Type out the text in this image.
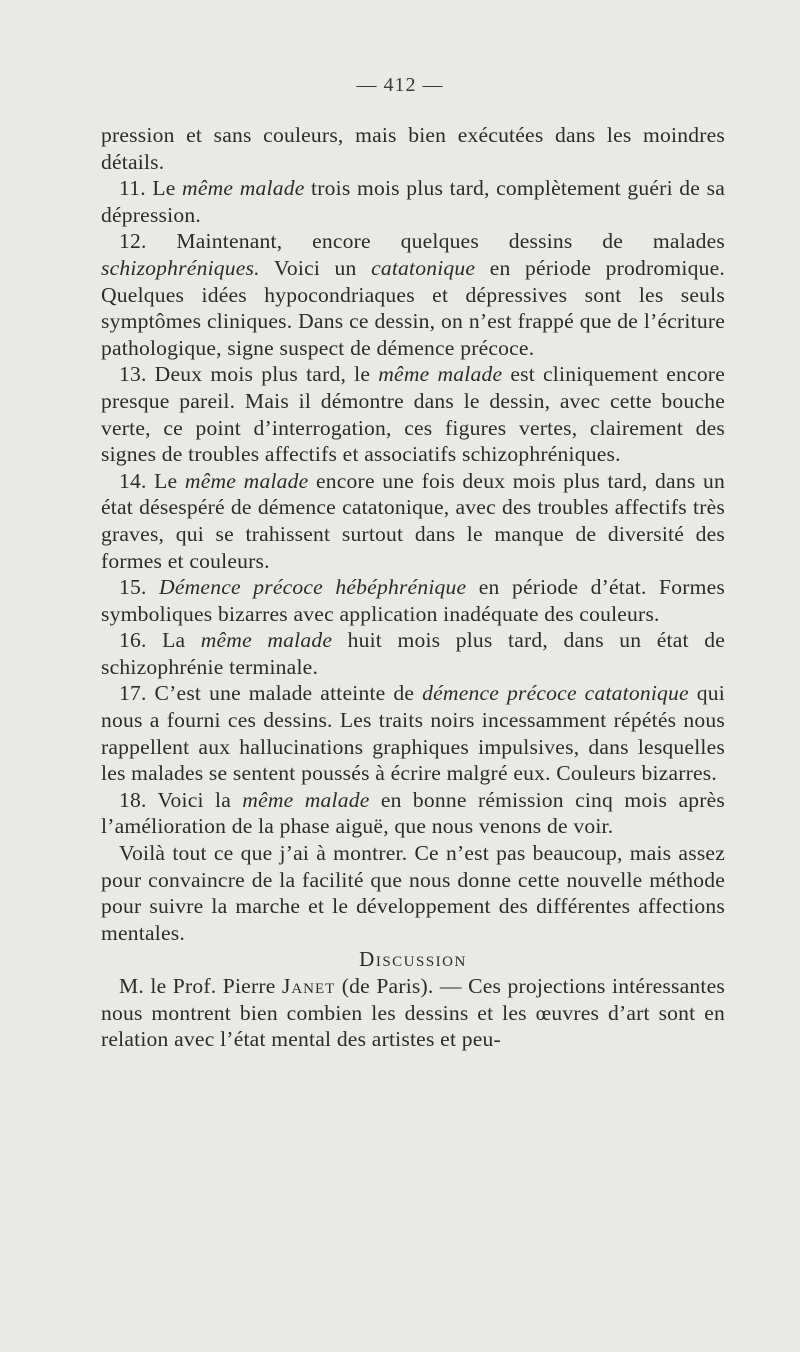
— 412 —

pression et sans couleurs, mais bien exécutées dans les moindres détails.

11. Le même malade trois mois plus tard, complètement guéri de sa dépression.

12. Maintenant, encore quelques dessins de malades schizophréniques. Voici un catatonique en période prodromique. Quelques idées hypocondriaques et dépressives sont les seuls symptômes cliniques. Dans ce dessin, on n’est frappé que de l’écriture pathologique, signe suspect de démence précoce.

13. Deux mois plus tard, le même malade est cliniquement encore presque pareil. Mais il démontre dans le dessin, avec cette bouche verte, ce point d’interrogation, ces figures vertes, clairement des signes de troubles affectifs et associatifs schizophréniques.

14. Le même malade encore une fois deux mois plus tard, dans un état désespéré de démence catatonique, avec des troubles affectifs très graves, qui se trahissent surtout dans le manque de diversité des formes et couleurs.

15. Démence précoce hébéphrénique en période d’état. Formes symboliques bizarres avec application inadéquate des couleurs.

16. La même malade huit mois plus tard, dans un état de schizophrénie terminale.

17. C’est une malade atteinte de démence précoce catatonique qui nous a fourni ces dessins. Les traits noirs incessamment répétés nous rappellent aux hallucinations graphiques impulsives, dans lesquelles les malades se sentent poussés à écrire malgré eux. Couleurs bizarres.

18. Voici la même malade en bonne rémission cinq mois après l’amélioration de la phase aiguë, que nous venons de voir.

Voilà tout ce que j’ai à montrer. Ce n’est pas beaucoup, mais assez pour convaincre de la facilité que nous donne cette nouvelle méthode pour suivre la marche et le développement des différentes affections mentales.

Discussion

M. le Prof. Pierre Janet (de Paris). — Ces projections intéressantes nous montrent bien combien les dessins et les œuvres d’art sont en relation avec l’état mental des artistes et peu-
